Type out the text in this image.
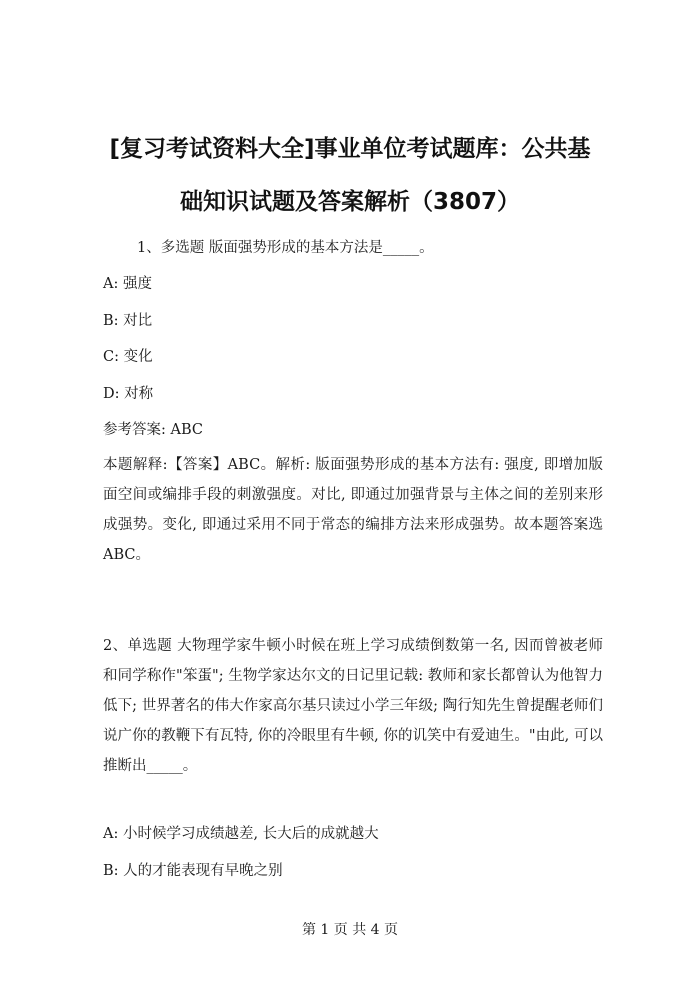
[复习考试资料大全]事业单位考试题库：公共基
础知识试题及答案解析（3807）
1、多选题 版面强势形成的基本方法是_____。
A: 强度
B: 对比
C: 变化
D: 对称
参考答案: ABC
本题解释:【答案】ABC。解析: 版面强势形成的基本方法有: 强度, 即增加版面空间或编排手段的刺激强度。对比, 即通过加强背景与主体之间的差别来形成强势。变化, 即通过采用不同于常态的编排方法来形成强势。故本题答案选ABC。
2、单选题 大物理学家牛顿小时候在班上学习成绩倒数第一名, 因而曾被老师和同学称作"笨蛋"; 生物学家达尔文的日记里记载: 教师和家长都曾认为他智力低下; 世界著名的伟大作家高尔基只读过小学三年级; 陶行知先生曾提醒老师们说广你的教鞭下有瓦特, 你的冷眼里有牛顿, 你的讥笑中有爱迪生。"由此, 可以推断出_____。
A: 小时候学习成绩越差, 长大后的成就越大
B: 人的才能表现有早晚之别
第 1 页 共 4 页
